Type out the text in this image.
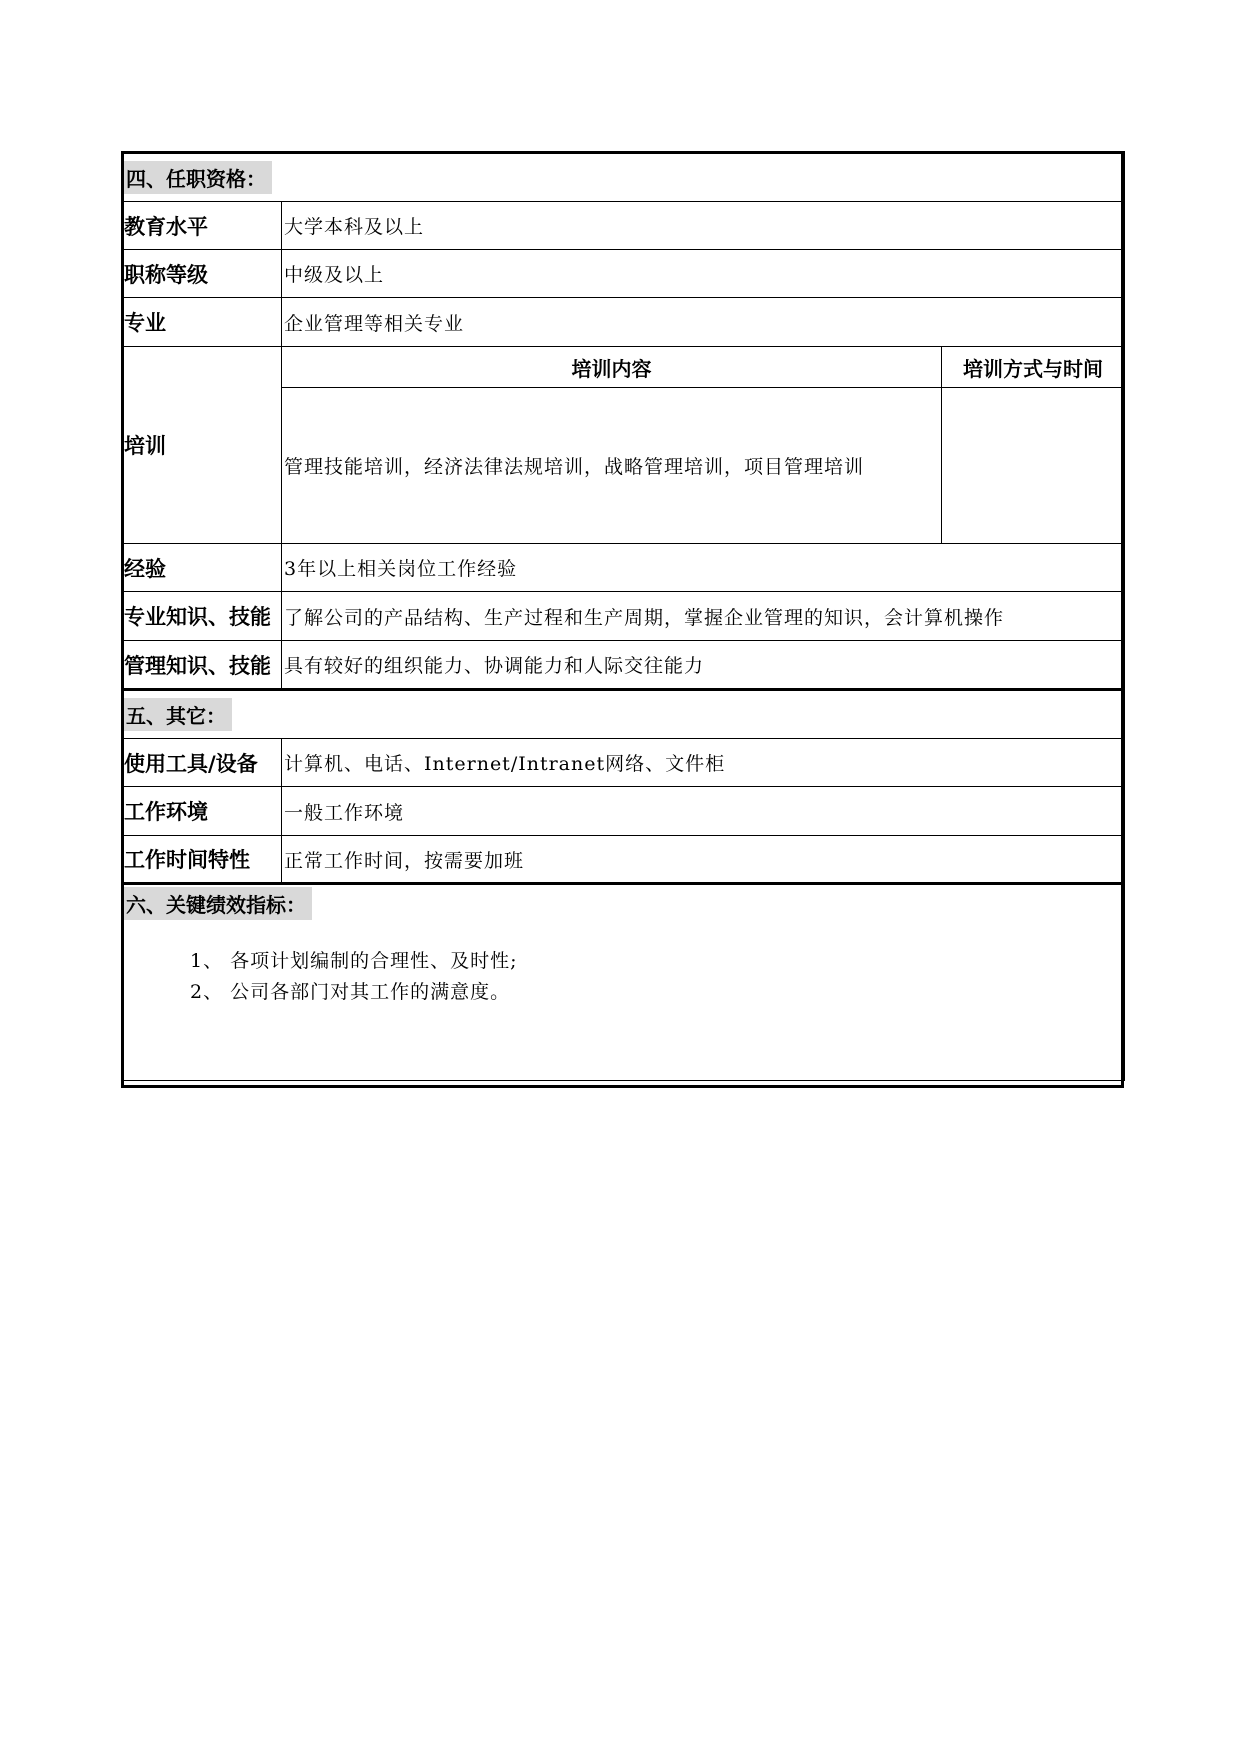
四、任职资格：		
教育水平	大学本科及以上	
职称等级	中级及以上	
专业	企业管理等相关专业	
培训	培训内容	培训方式与时间
	管理技能培训，经济法律法规培训，战略管理培训，项目管理培训	
经验	3年以上相关岗位工作经验	
专业知识、技能	了解公司的产品结构、生产过程和生产周期，掌握企业管理的知识，会计算机操作	
管理知识、技能	具有较好的组织能力、协调能力和人际交往能力	
五、其它：		
使用工具/设备	计算机、电话、Internet/Intranet网络、文件柜	
工作环境	一般工作环境	
工作时间特性	正常工作时间，按需要加班	
六、关键绩效指标：
1、 各项计划编制的合理性、及时性;
2、 公司各部门对其工作的满意度。		
